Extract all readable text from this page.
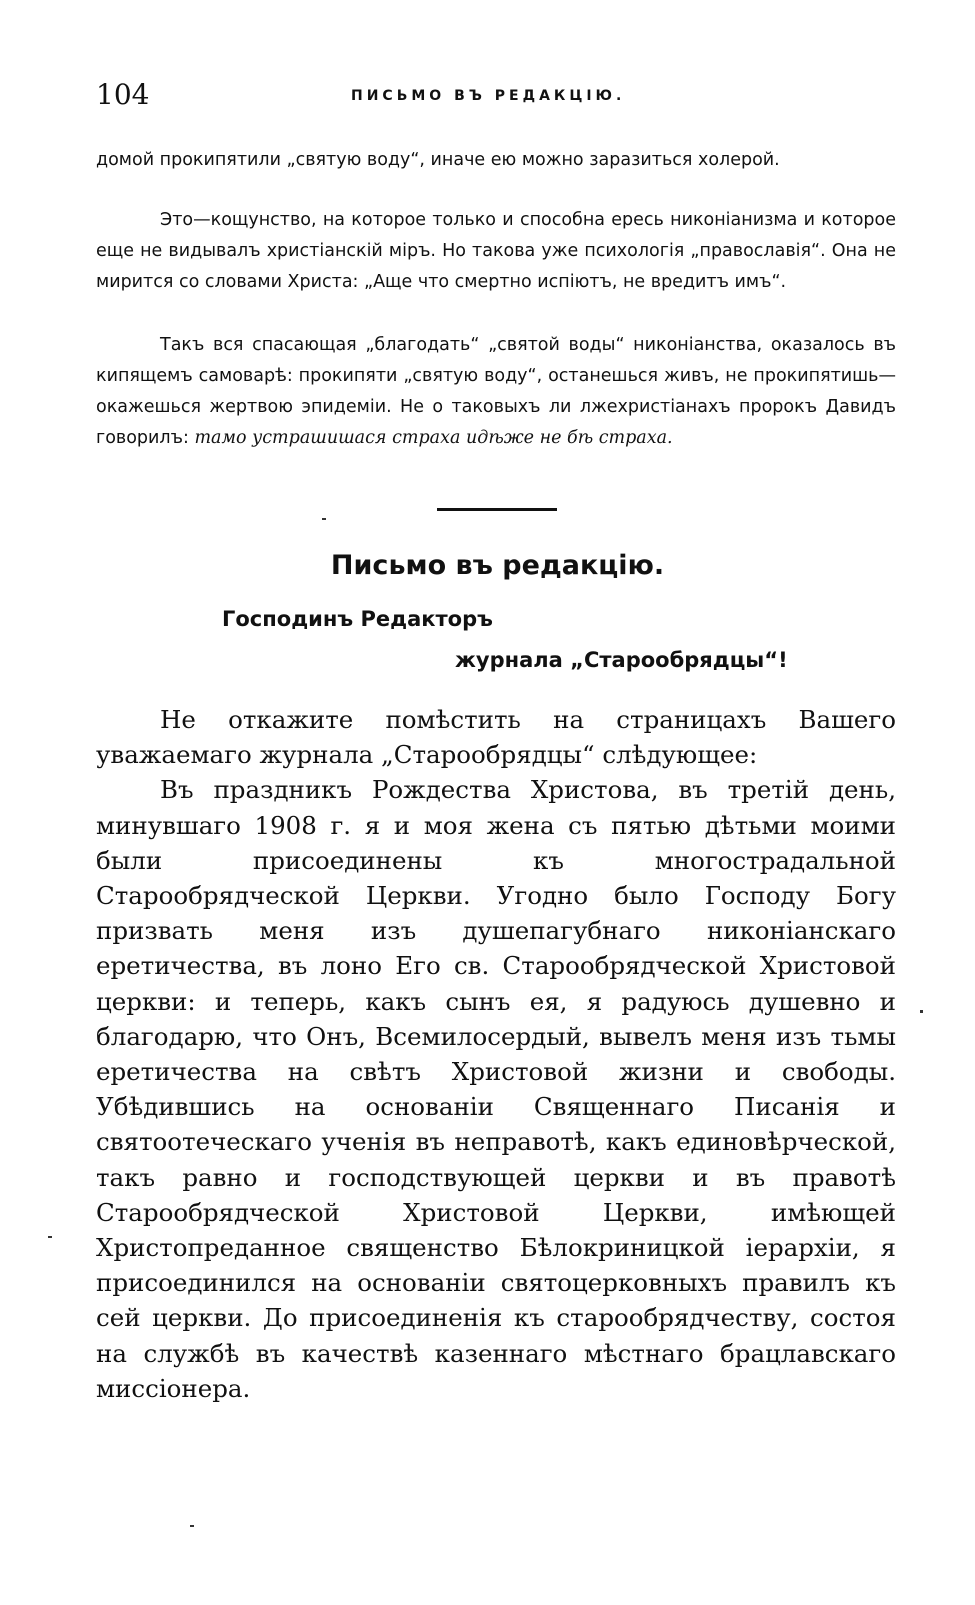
104	ПИСЬМО ВЪ РЕДАКЦІЮ.

домой прокипятили „святую воду“, иначе ею можно заразиться холерой.

Это—кощунство, на которое только и способна ересь никоніанизма и которое еще не видывалъ христіанскій міръ. Но такова уже психологія „православія“. Она не мирится со словами Христа: „Аще что смертно испіютъ, не вредитъ имъ“.

Такъ вся спасающая „благодать“ „святой воды“ никоніанства, оказалось въ кипящемъ самоварѣ: прокипяти „святую воду“, останешься живъ, не прокипятишь—окажешься жертвою эпидеміи. Не о таковыхъ ли лжехристіанахъ пророкъ Давидъ говорилъ: тамо устрашишася страха идѣже не бѣ страха.

Письмо въ редакцію.
Господинъ Редакторъ
журнала „Старообрядцы“!

Не откажите помѣстить на страницахъ Вашего уважаемаго журнала „Старообрядцы“ слѣдующее:

Въ праздникъ Рождества Христова, въ третій день, минувшаго 1908 г. я и моя жена съ пятью дѣтьми моими были присоединены къ многострадальной Старообрядческой Церкви. Угодно было Господу Богу призвать меня изъ душепагубнаго никоніанскаго еретичества, въ лоно Его св. Старообрядческой Христовой церкви: и теперь, какъ сынъ ея, я радуюсь душевно и благодарю, что Онъ, Всемилосердый, вывелъ меня изъ тьмы еретичества на свѣтъ Христовой жизни и свободы. Убѣдившись на основаніи Священнаго Писанія и святоотеческаго ученія въ неправотѣ, какъ единовѣрческой, такъ равно и господствующей церкви и въ правотѣ Старообрядческой Христовой Церкви, имѣющей Христопреданное священство Бѣлокриницкой іерархіи, я присоединился на основаніи святоцерковныхъ правилъ къ сей церкви. До присоединенія къ старообрядчеству, состоя на службѣ въ качествѣ казеннаго мѣстнаго брацлавскаго миссіонера.
